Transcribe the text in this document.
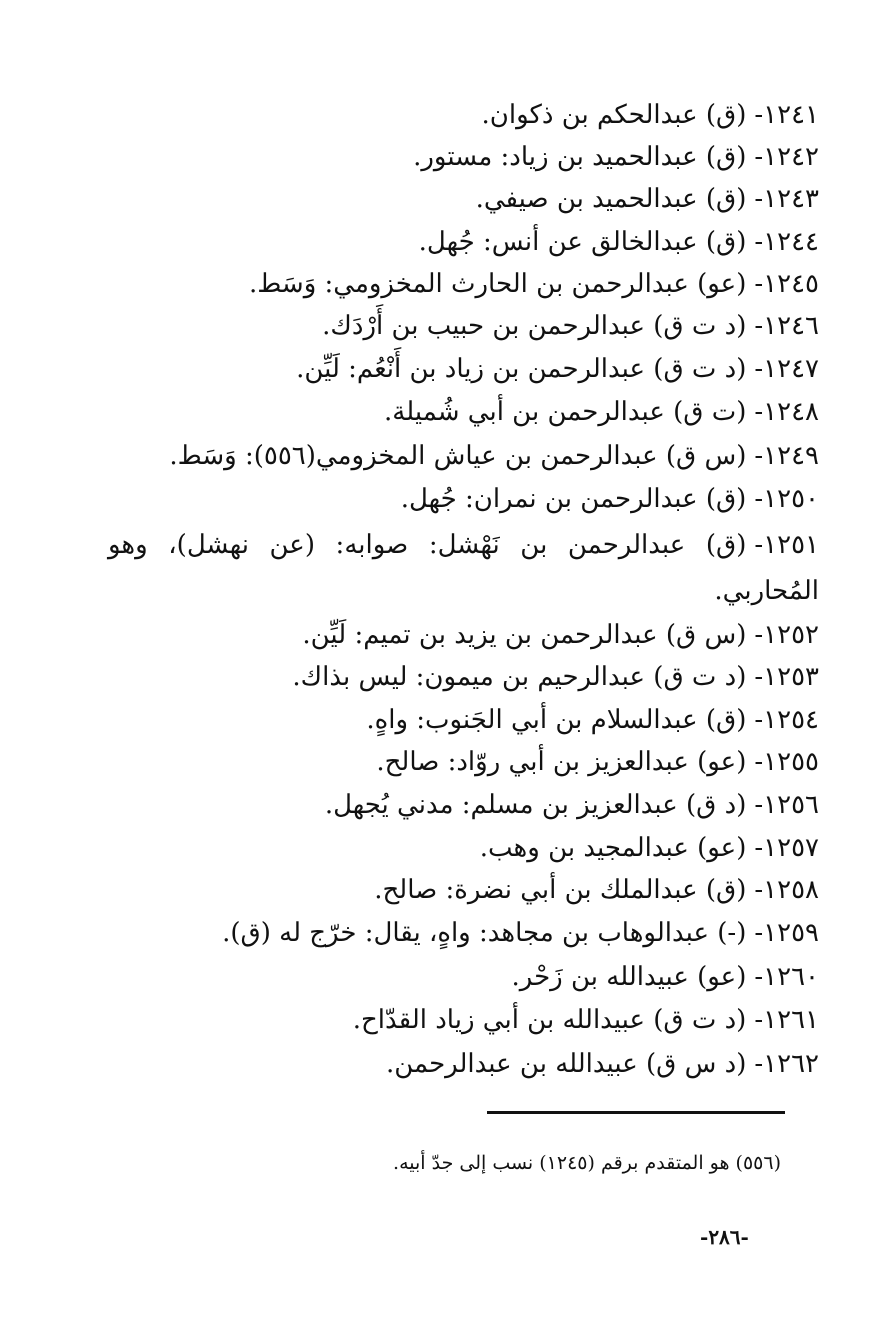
١٢٤١-(ق) عبدالحكم بن ذكوان.
١٢٤٢-(ق) عبدالحميد بن زياد: مستور.
١٢٤٣-(ق) عبدالحميد بن صيفي.
١٢٤٤-(ق) عبدالخالق عن أنس: جُهل.
١٢٤٥-(عو) عبدالرحمن بن الحارث المخزومي: وَسَط.
١٢٤٦-(د ت ق) عبدالرحمن بن حبيب بن أَرْدَك.
١٢٤٧-(د ت ق) عبدالرحمن بن زياد بن أَنْعُم: لَيِّن.
١٢٤٨-(ت ق) عبدالرحمن بن أبي شُميلة.
١٢٤٩-(س ق) عبدالرحمن بن عياش المخزومي(٥٥٦): وَسَط.
١٢٥٠-(ق) عبدالرحمن بن نمران: جُهل.
١٢٥١-(ق) عبدالرحمن بن نَهْشل: صوابه: (عن نهشل)، وهو المُحاربي.
١٢٥٢-(س ق) عبدالرحمن بن يزيد بن تميم: لَيِّن.
١٢٥٣-(د ت ق) عبدالرحيم بن ميمون: ليس بذاك.
١٢٥٤-(ق) عبدالسلام بن أبي الجَنوب: واهٍ.
١٢٥٥-(عو) عبدالعزيز بن أبي روّاد: صالح.
١٢٥٦-(د ق) عبدالعزيز بن مسلم: مدني يُجهل.
١٢٥٧-(عو) عبدالمجيد بن وهب.
١٢٥٨-(ق) عبدالملك بن أبي نضرة: صالح.
١٢٥٩-(-) عبدالوهاب بن مجاهد: واهٍ، يقال: خرّج له (ق).
١٢٦٠-(عو) عبيدالله بن زَحْر.
١٢٦١-(د ت ق) عبيدالله بن أبي زياد القدّاح.
١٢٦٢-(د س ق) عبيدالله بن عبدالرحمن.
(٥٥٦) هو المتقدم برقم (١٢٤٥) نسب إلى جدّ أبيه.
-٢٨٦-
